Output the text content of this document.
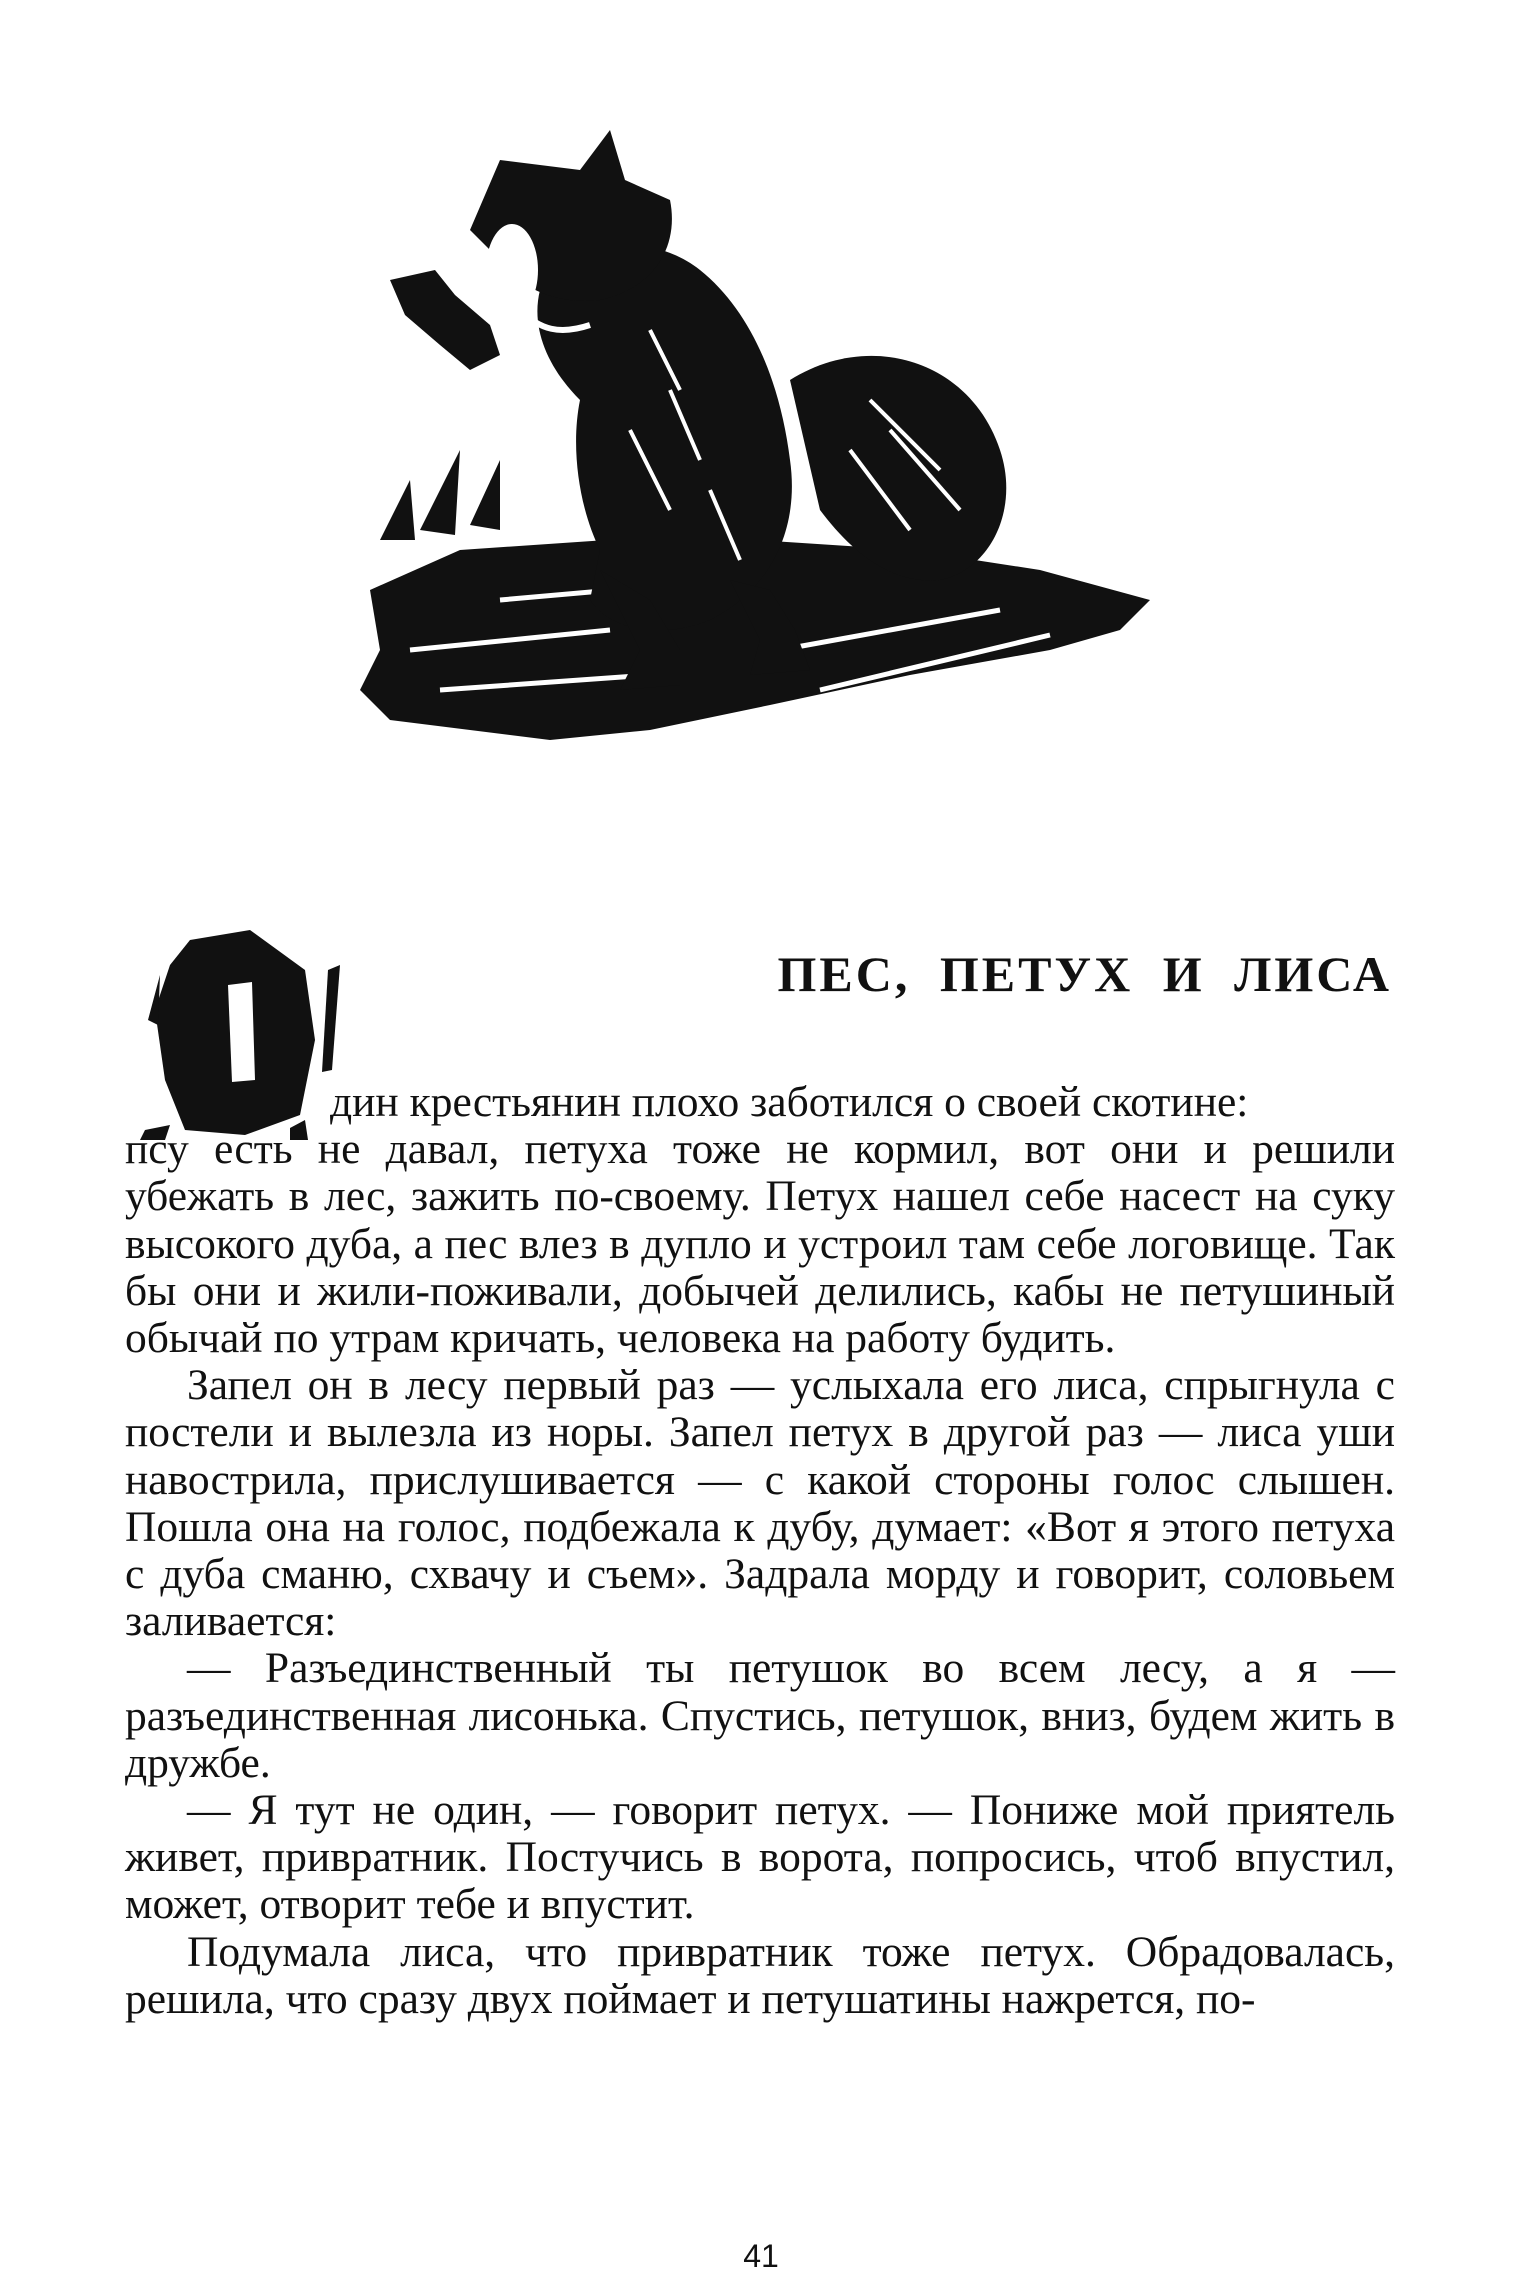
ПЕС, ПЕТУХ И ЛИСА

дин крестьянин плохо заботился о своей скотине:

псу есть не давал, петуха тоже не кормил, вот они и решили убежать в лес, зажить по-своему. Петух нашел себе насест на суку высокого дуба, а пес влез в дупло и устроил там себе логовище. Так бы они и жили-поживали, добычей делились, кабы не петушиный обычай по утрам кричать, человека на работу будить.

Запел он в лесу первый раз — услыхала его лиса, спрыгнула с постели и вылезла из норы. Запел петух в другой раз — лиса уши навострила, прислушивается — с какой стороны голос слышен. Пошла она на голос, подбежала к дубу, думает: «Вот я этого петуха с дуба сманю, схвачу и съем». Задрала морду и говорит, соловьем заливается:

— Разъединственный ты петушок во всем лесу, а я — разъединственная лисонька. Спустись, петушок, вниз, будем жить в дружбе.

— Я тут не один, — говорит петух. — Пониже мой приятель живет, привратник. Постучись в ворота, попросись, чтоб впустил, может, отворит тебе и впустит.

Подумала лиса, что привратник тоже петух. Обрадовалась, решила, что сразу двух поймает и петушатины нажрется, по-

41
